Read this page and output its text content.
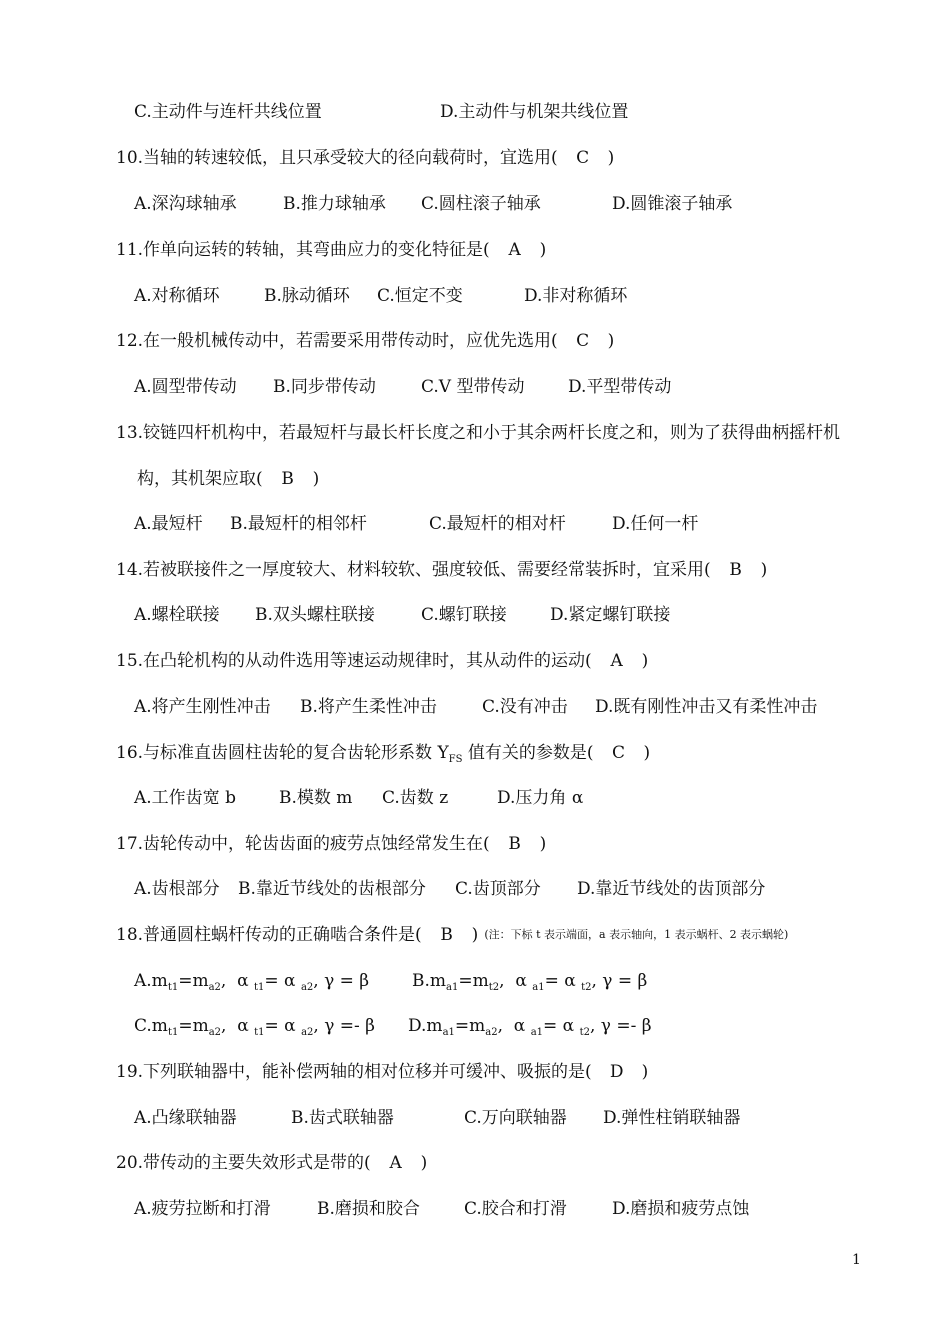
C.主动件与连杆共线位置	D.主动件与机架共线位置
10.当轴的转速较低，且只承受较大的径向载荷时，宜选用( C )
A.深沟球轴承	B.推力球轴承 C.圆柱滚子轴承	D.圆锥滚子轴承
11.作单向运转的转轴，其弯曲应力的变化特征是( A )
A.对称循环	B.脉动循环 C.恒定不变	D.非对称循环
12.在一般机械传动中，若需要采用带传动时，应优先选用( C )
A.圆型带传动 B.同步带传动	C.V 型带传动	D.平型带传动
13.铰链四杆机构中，若最短杆与最长杆长度之和小于其余两杆长度之和，则为了获得曲柄摇杆机
构，其机架应取( B )
A.最短杆 B.最短杆的相邻杆	C.最短杆的相对杆	D.任何一杆
14.若被联接件之一厚度较大、材料较软、强度较低、需要经常装拆时，宜采用( B )
A.螺栓联接 B.双头螺柱联接	C.螺钉联接	D.紧定螺钉联接
15.在凸轮机构的从动件选用等速运动规律时，其从动件的运动( A )
A.将产生刚性冲击 B.将产生柔性冲击	C.没有冲击 D.既有刚性冲击又有柔性冲击
16.与标准直齿圆柱齿轮的复合齿轮形系数 $Y_{FS}$ 值有关的参数是( C )
A.工作齿宽 b	B.模数 m C.齿数 z	D.压力角 α
17.齿轮传动中，轮齿齿面的疲劳点蚀经常发生在( B )
A.齿根部分 B.靠近节线处的齿根部分 C.齿顶部分 D.靠近节线处的齿顶部分
18.普通圆柱蜗杆传动的正确啮合条件是( B ) (注：下标 t 表示端面，a 表示轴向，1 表示蜗杆、2 表示蜗轮)
$A.m_{t1}=m_{a2}$,  α $_{t1}$= α $_{a2}$, γ = β	$B.m_{a1}=m_{t2}$,  α $_{a1}$= α $_{t2}$, γ = β
$C.m_{t1}=m_{a2}$,  α $_{t1}$= α $_{a2}$, γ =- β $D.m_{a1}=m_{a2}$,  α $_{a1}$= α $_{t2}$, γ =- β
19.下列联轴器中，能补偿两轴的相对位移并可缓冲、吸振的是( D )
A.凸缘联轴器	B.齿式联轴器	C.万向联轴器 D.弹性柱销联轴器
20.带传动的主要失效形式是带的( A )
A.疲劳拉断和打滑	B.磨损和胶合	C.胶合和打滑	D.磨损和疲劳点蚀
1
